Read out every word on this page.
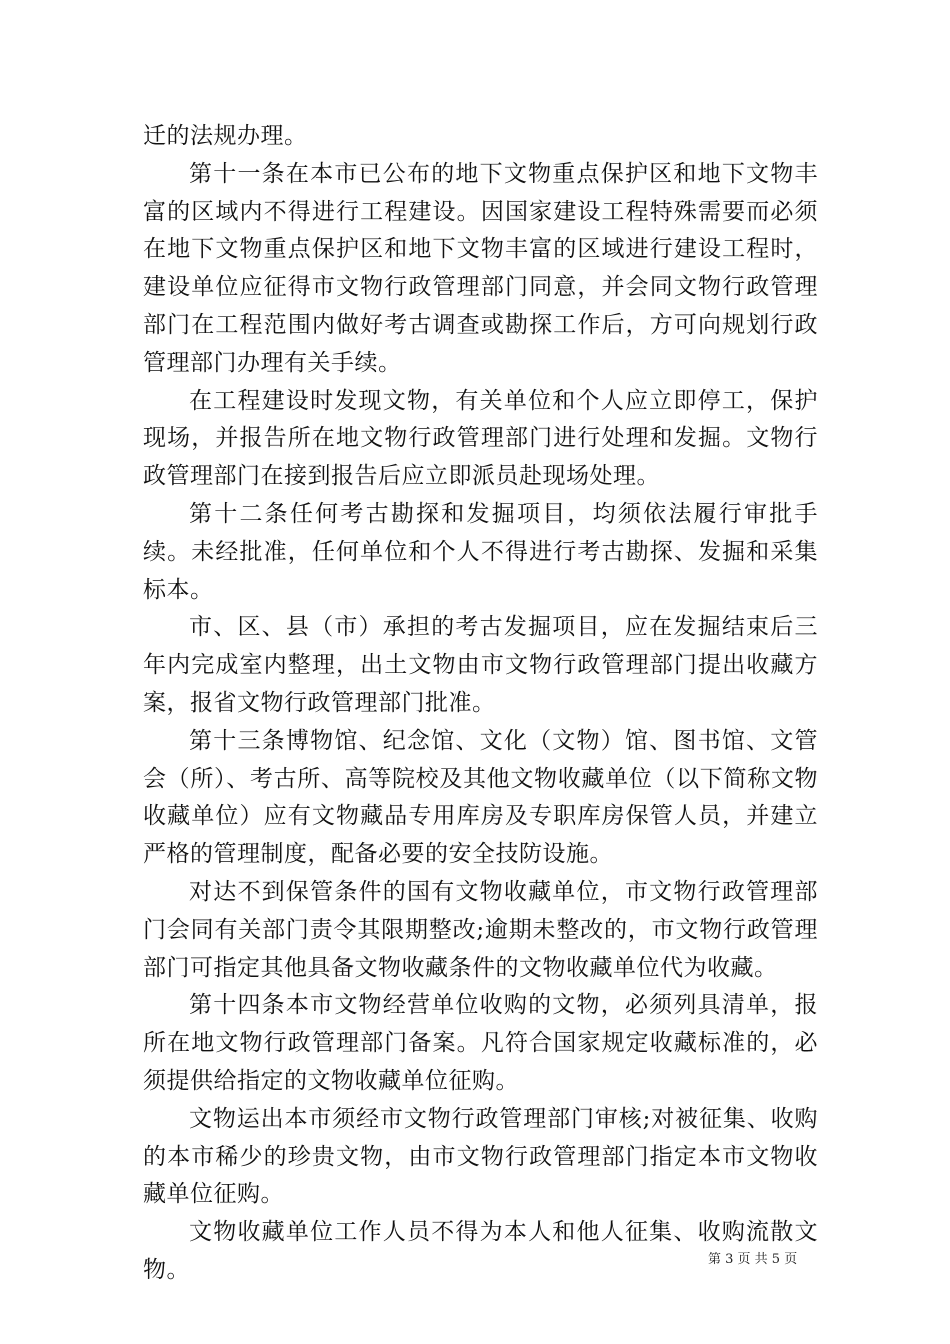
迁的法规办理。

第十一条在本市已公布的地下文物重点保护区和地下文物丰富的区域内不得进行工程建设。因国家建设工程特殊需要而必须在地下文物重点保护区和地下文物丰富的区域进行建设工程时，建设单位应征得市文物行政管理部门同意，并会同文物行政管理部门在工程范围内做好考古调查或勘探工作后，方可向规划行政管理部门办理有关手续。

在工程建设时发现文物，有关单位和个人应立即停工，保护现场，并报告所在地文物行政管理部门进行处理和发掘。文物行政管理部门在接到报告后应立即派员赴现场处理。

第十二条任何考古勘探和发掘项目，均须依法履行审批手续。未经批准，任何单位和个人不得进行考古勘探、发掘和采集标本。

市、区、县（市）承担的考古发掘项目，应在发掘结束后三年内完成室内整理，出土文物由市文物行政管理部门提出收藏方案，报省文物行政管理部门批准。

第十三条博物馆、纪念馆、文化（文物）馆、图书馆、文管会（所）、考古所、高等院校及其他文物收藏单位（以下简称文物收藏单位）应有文物藏品专用库房及专职库房保管人员，并建立严格的管理制度，配备必要的安全技防设施。

对达不到保管条件的国有文物收藏单位，市文物行政管理部门会同有关部门责令其限期整改;逾期未整改的，市文物行政管理部门可指定其他具备文物收藏条件的文物收藏单位代为收藏。

第十四条本市文物经营单位收购的文物，必须列具清单，报所在地文物行政管理部门备案。凡符合国家规定收藏标准的，必须提供给指定的文物收藏单位征购。

文物运出本市须经市文物行政管理部门审核;对被征集、收购的本市稀少的珍贵文物，由市文物行政管理部门指定本市文物收藏单位征购。

文物收藏单位工作人员不得为本人和他人征集、收购流散文物。	第 3 页 共 5 页
